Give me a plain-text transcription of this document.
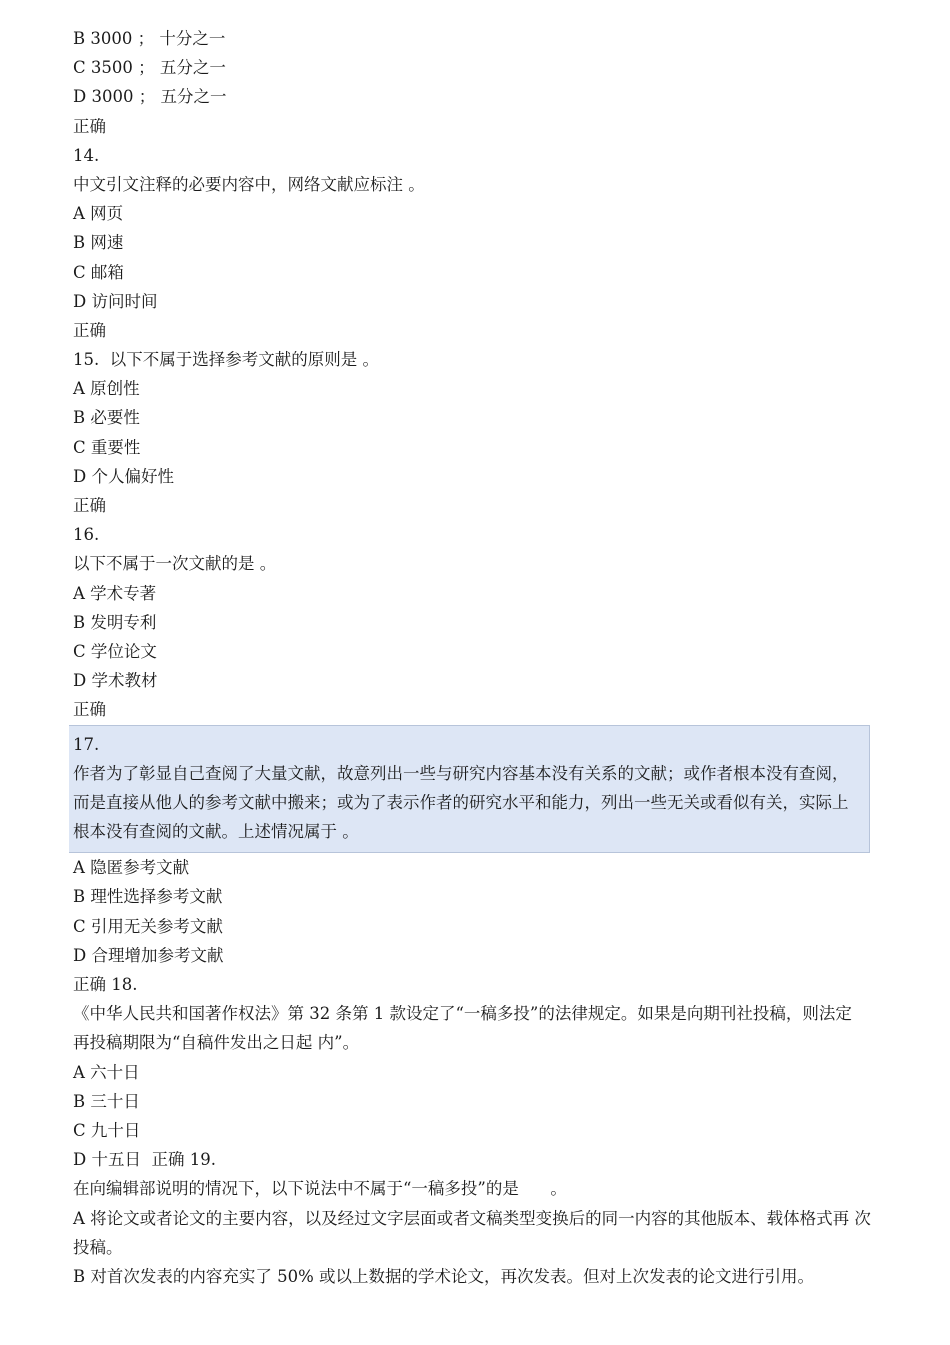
B 3000 ； 十分之一
C 3500 ； 五分之一
D 3000 ； 五分之一
正确
14.
中文引文注释的必要内容中，网络文献应标注 。
A 网页
B 网速
C 邮箱
D 访问时间
正确
15.  以下不属于选择参考文献的原则是 。
A 原创性
B 必要性
C 重要性
D 个人偏好性
正确
16.
以下不属于一次文献的是 。
A 学术专著
B 发明专利
C 学位论文
D 学术教材
正确
17.
作者为了彰显自己查阅了大量文献，故意列出一些与研究内容基本没有关系的文献；或作者根本没有查阅， 而是直接从他人的参考文献中搬来；或为了表示作者的研究水平和能力，列出一些无关或看似有关，实际上 根本没有查阅的文献。上述情况属于 。
A 隐匿参考文献
B 理性选择参考文献
C 引用无关参考文献
D 合理增加参考文献
正确 18.
《中华人民共和国著作权法》第 32 条第 1 款设定了“一稿多投”的法律规定。如果是向期刊社投稿，则法定 再投稿期限为“自稿件发出之日起 内”。
A 六十日
B 三十日
C 九十日
D 十五日  正确 19.
在向编辑部说明的情况下，以下说法中不属于“一稿多投”的是      。
A 将论文或者论文的主要内容，以及经过文字层面或者文稿类型变换后的同一内容的其他版本、载体格式再 次投稿。
B 对首次发表的内容充实了 50% 或以上数据的学术论文，再次发表。但对上次发表的论文进行引用。
